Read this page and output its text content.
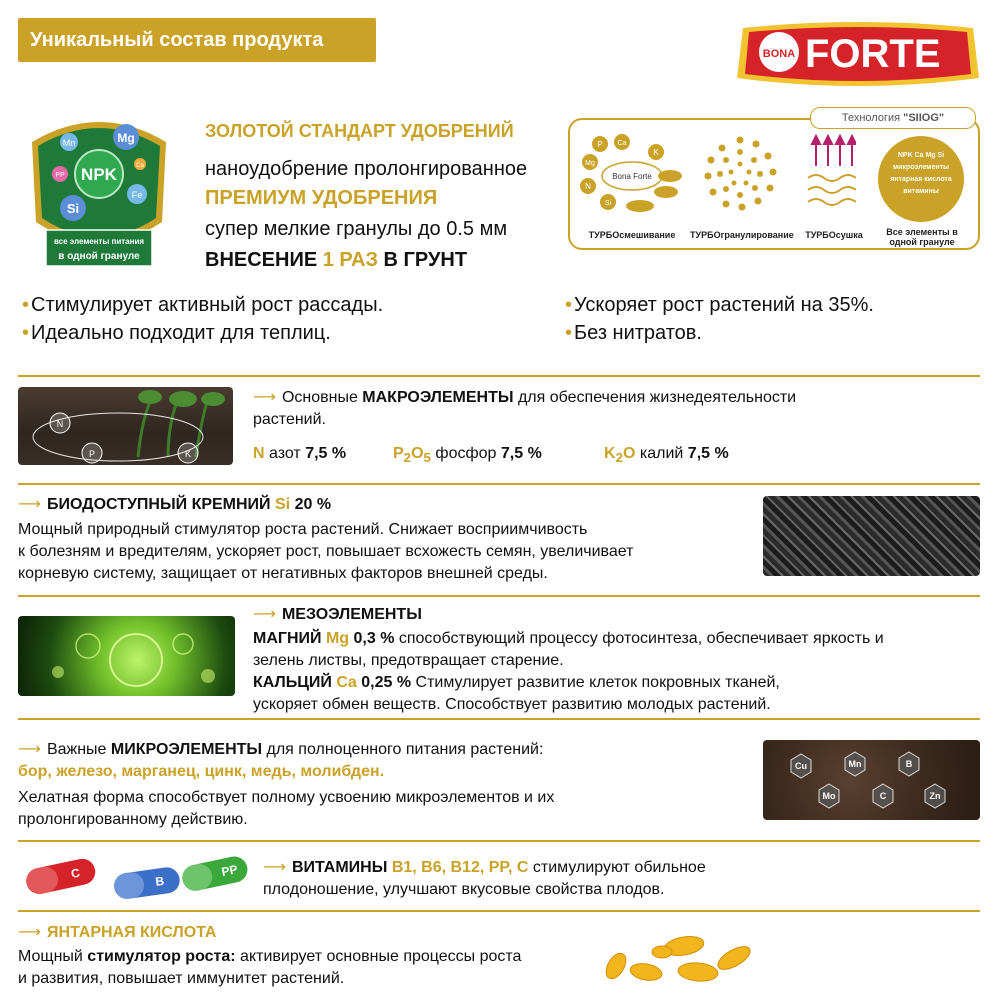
Уникальный состав продукта
BONA FORTE
NPK
Mg
Mn
PP
Si
Fe
Ca
все элементы питания
в одной грануле
ЗОЛОТОЙ СТАНДАРТ УДОБРЕНИЙ
наноудобрение пролонгированное
ПРЕМИУМ УДОБРЕНИЯ
супер мелкие гранулы до 0.5 мм
ВНЕСЕНИЕ 1 РАЗ В ГРУНТ
Технология "SIIOG"
Bona Forte
P Ca
K
Mg
N
Si
ТУРБОсмешивание	ТУРБОгранулирование	ТУРБОсушка
NPK Ca Mg Si микроэлементы янтарная кислота витамины
Все элементы в одной грануле
• Стимулирует активный рост рассады.
• Идеально подходит для теплиц.
• Ускоряет рост растений на 35%.
• Без нитратов.
N
P	K
⟶ Основные МАКРОЭЛЕМЕНТЫ для обеспечения жизнедеятельности
растений.
N азот 7,5 %	$P_2O_5$ фосфор 7,5 %	$K_2O$ калий 7,5 %
⟶ БИОДОСТУПНЫЙ КРЕМНИЙ Si 20 %
Мощный природный стимулятор роста растений. Снижает восприимчивость
к болезням и вредителям, ускоряет рост, повышает всхожесть семян, увеличивает
корневую систему, защищает от негативных факторов внешней среды.
⟶ МЕЗОЭЛЕМЕНТЫ
МАГНИЙ Mg 0,3 % способствующий процессу фотосинтеза, обеспечивает яркость и
зелень листвы, предотвращает старение.
КАЛЬЦИЙ Ca 0,25 % Стимулирует развитие клеток покровных тканей,
ускоряет обмен веществ. Способствует развитию молодых растений.
⟶ Важные МИКРОЭЛЕМЕНТЫ для полноценного питания растений:
бор, железо, марганец, цинк, медь, молибден.
Хелатная форма способствует полному усвоению микроэлементов и их
пролонгированному действию.
Cu	Mn	B
Mo	C	Zn
C
B
PP ⟶ ВИТАМИНЫ B1, B6, B12, PP, C стимулируют обильное
плодоношение, улучшают вкусовые свойства плодов.
⟶ ЯНТАРНАЯ КИСЛОТА
Мощный стимулятор роста: активирует основные процессы роста
и развития, повышает иммунитет растений.
